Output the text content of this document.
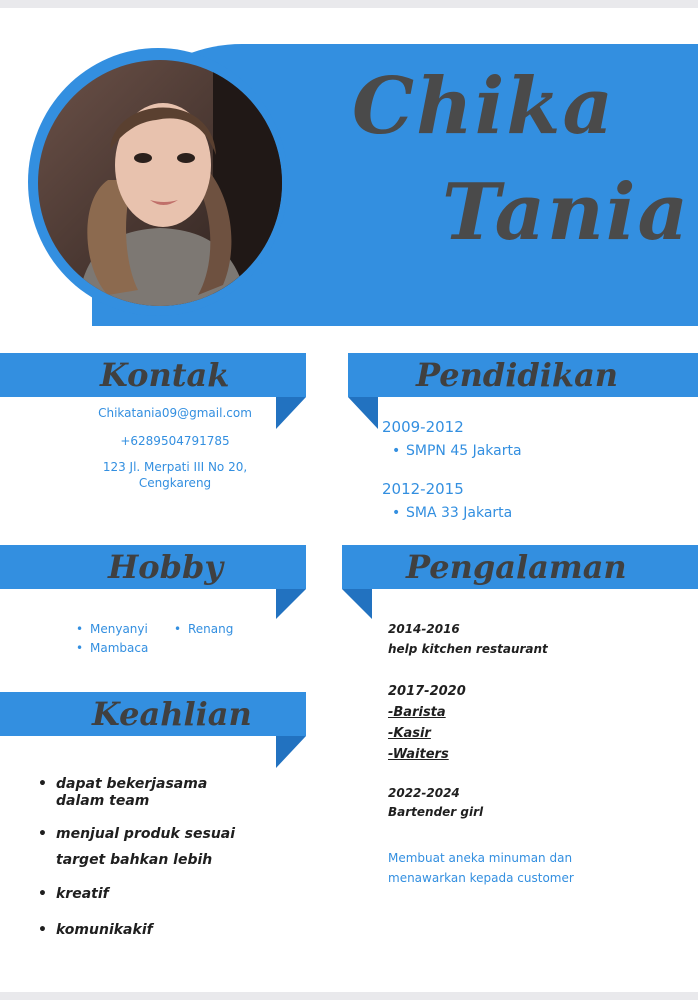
Chika
Tania
Kontak
Chikatania09@gmail.com
+6289504791785
123 Jl. Merpati III No 20,
Cengkareng
Pendidikan
2009-2012
• SMPN 45 Jakarta
2012-2015
• SMA 33 Jakarta
Hobby
• Menyanyi
•	Renang
• Mambaca
Pengalaman
2014-2016
help kitchen restaurant
2017-2020
-Barista
-Kasir
-Waiters
2022-2024
Bartender girl
Membuat aneka minuman dan
menawarkan kepada customer
Keahlian
• dapat bekerjasama
dalam team
• menjual produk sesuai
target bahkan lebih
• kreatif
• komunikakif
